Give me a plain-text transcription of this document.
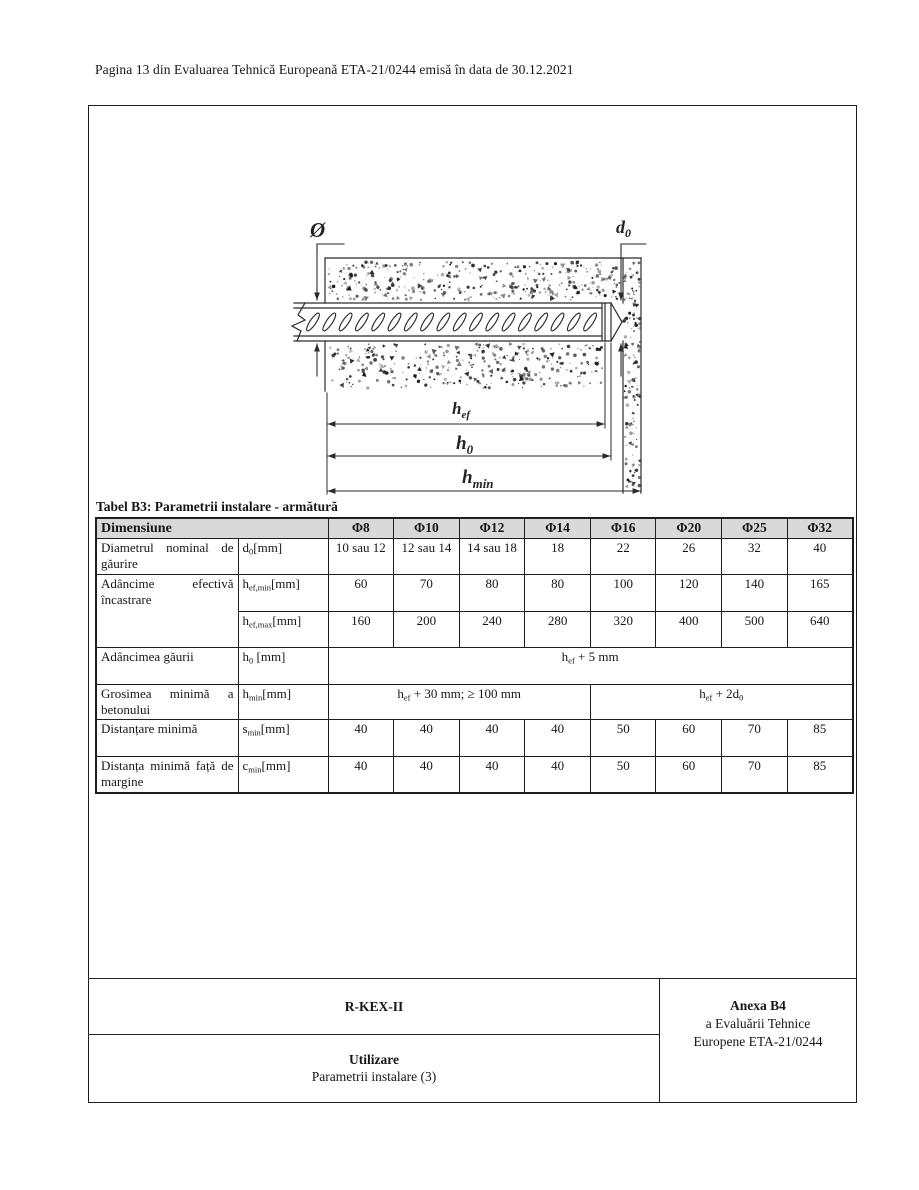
Pagina 13 din Evaluarea Tehnică Europeană ETA-21/0244 emisă în data de 30.12.2021
Ø	$d_0$
$h_{ef}$
$h_0$
$h_{min}$
Tabel B3: Parametrii instalare - armătură
Dimensiune		Φ8	Φ10	Φ12	Φ14	Φ16	Φ20	Φ25	Φ32
Diametrul nominal de găurire	$d_0[mm]$	10 sau 12	12 sau 14	14 sau 18	18	22	26	32	40
Adâncime efectivă încastrare	$h_{ef,min}[mm]$	60	70	80	80	100	120	140	165
	$h_{ef,max}[mm]$	160	200	240	280	320	400	500	640
Adâncimea găurii	$h_0$ [mm]	$h_{ef} + 5$ mm							
Grosimea minimă a betonului	$h_{min}[mm]$	$h_{ef} + 30$ mm; ≥ 100 mm				$h_{ef} + 2d_0$
Distanțare minimă	$s_{min}[mm]$	40	40	40	40	50	60	70	85
Distanța minimă față de margine	$c_{min}[mm]$	40	40	40	40	50	60	70	85
R-KEX-II
Utilizare
Parametrii instalare (3)
Anexa B4
a Evaluării Tehnice
Europene ETA-21/0244
